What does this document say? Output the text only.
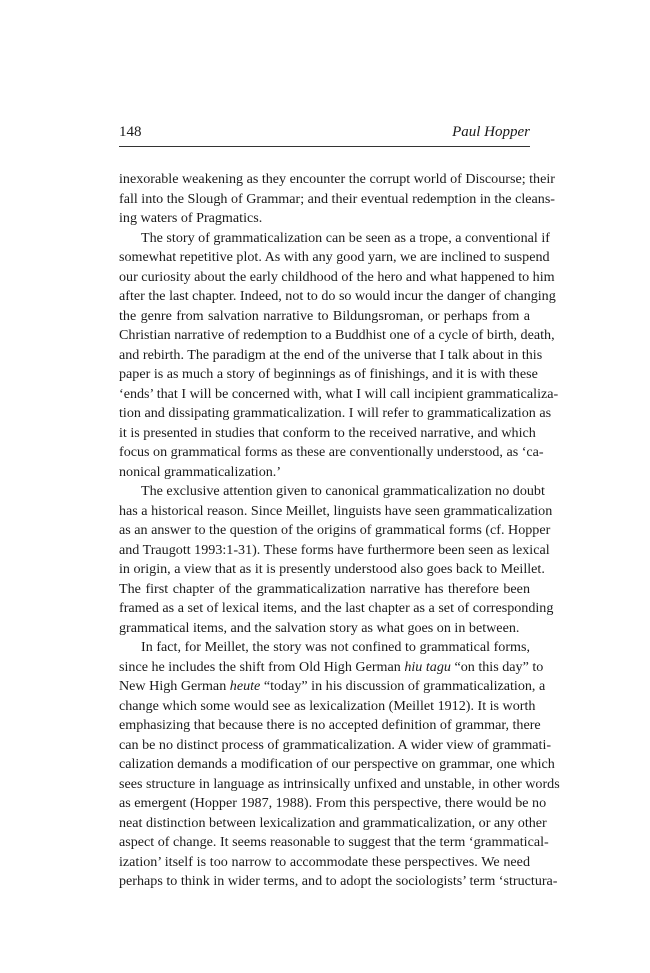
148	Paul Hopper
inexorable weakening as they encounter the corrupt world of Discourse; their
fall into the Slough of Grammar; and their eventual redemption in the cleans-
ing waters of Pragmatics.
The story of grammaticalization can be seen as a trope, a conventional if
somewhat repetitive plot. As with any good yarn, we are inclined to suspend
our curiosity about the early childhood of the hero and what happened to him
after the last chapter. Indeed, not to do so would incur the danger of changing
the genre from salvation narrative to Bildungsroman, or perhaps from a
Christian narrative of redemption to a Buddhist one of a cycle of birth, death,
and rebirth. The paradigm at the end of the universe that I talk about in this
paper is as much a story of beginnings as of finishings, and it is with these
‘ends’ that I will be concerned with, what I will call incipient grammaticaliza-
tion and dissipating grammaticalization. I will refer to grammaticalization as
it is presented in studies that conform to the received narrative, and which
focus on grammatical forms as these are conventionally understood, as ‘ca-
nonical grammaticalization.’
The exclusive attention given to canonical grammaticalization no doubt
has a historical reason. Since Meillet, linguists have seen grammaticalization
as an answer to the question of the origins of grammatical forms (cf. Hopper
and Traugott 1993:1-31). These forms have furthermore been seen as lexical
in origin, a view that as it is presently understood also goes back to Meillet.
The first chapter of the grammaticalization narrative has therefore been
framed as a set of lexical items, and the last chapter as a set of corresponding
grammatical items, and the salvation story as what goes on in between.
In fact, for Meillet, the story was not confined to grammatical forms,
since he includes the shift from Old High German hiu tagu “on this day” to
New High German heute “today” in his discussion of grammaticalization, a
change which some would see as lexicalization (Meillet 1912). It is worth
emphasizing that because there is no accepted definition of grammar, there
can be no distinct process of grammaticalization. A wider view of grammati-
calization demands a modification of our perspective on grammar, one which
sees structure in language as intrinsically unfixed and unstable, in other words
as emergent (Hopper 1987, 1988). From this perspective, there would be no
neat distinction between lexicalization and grammaticalization, or any other
aspect of change. It seems reasonable to suggest that the term ‘grammatical-
ization’ itself is too narrow to accommodate these perspectives. We need
perhaps to think in wider terms, and to adopt the sociologists’ term ‘structura-
